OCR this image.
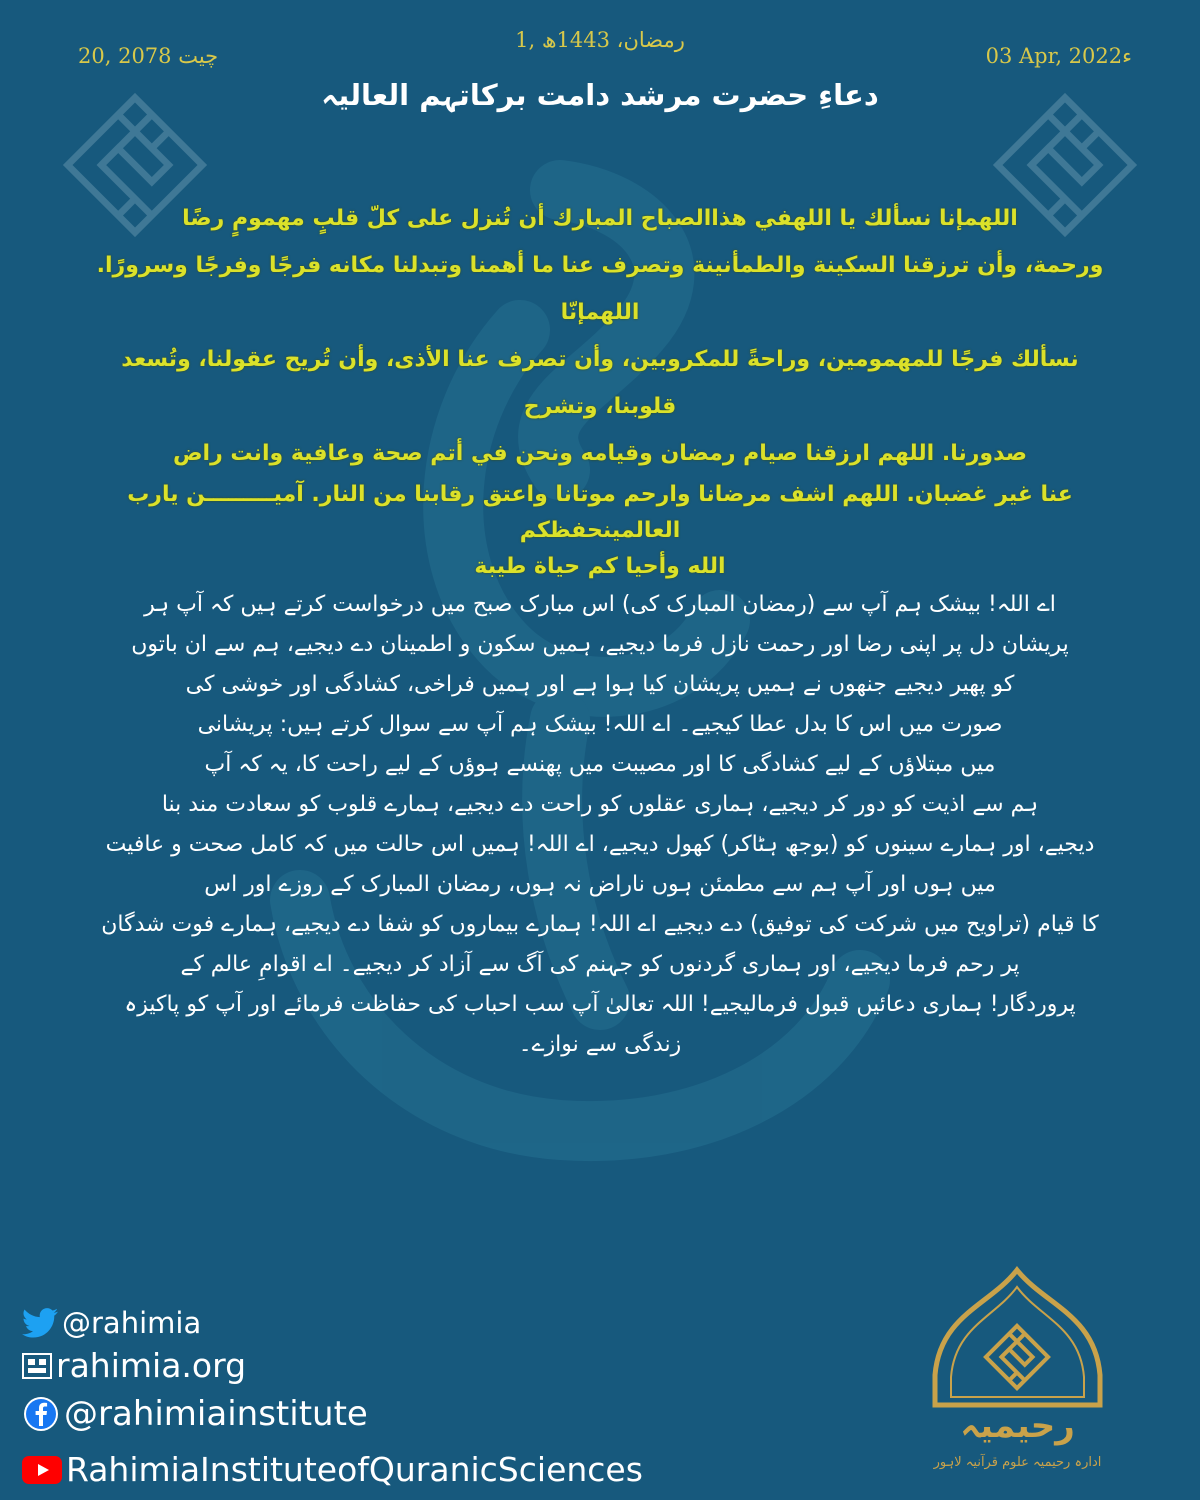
20, چیت 2078
1, رمضان، 1443ھ
03 Apr, 2022ء
دعاءِ حضرت مرشد دامت برکاتہم العالیہ
اللھمإنا نسألك يا اللهفي هذاالصباح المبارك أن تُنزل على كلّ قلبٍ مهمومٍ رضًا
ورحمة، وأن ترزقنا السكينة والطمأنينة وتصرف عنا ما أهمنا وتبدلنا مكانه فرجًا وفرجًا وسرورًا. اللهمإنّا
نسألك فرجًا للمهمومين، وراحةً للمكروبين، وأن تصرف عنا الأذى، وأن تُريح عقولنا، وتُسعد قلوبنا، وتشرح
صدورنا. اللهم ارزقنا صيام رمضان وقيامه ونحن في أتم صحة وعافية وانت راض
عنا غير غضبان. اللهم اشف مرضانا وارحم موتانا واعتق رقابنا من النار. آمیـــــــــن یارب العالمینحفظكم
الله وأحيا كم حياة طيبة
اے اللہ! بیشک ہم آپ سے (رمضان المبارک کی) اس مبارک صبح میں درخواست کرتے ہیں کہ آپ ہر
پریشان دل پر اپنی رضا اور رحمت نازل فرما دیجیے، ہمیں سکون و اطمینان دے دیجیے، ہم سے ان باتوں
کو پھیر دیجیے جنھوں نے ہمیں پریشان کیا ہوا ہے اور ہمیں فراخی، کشادگی اور خوشی کی
صورت میں اس کا بدل عطا کیجیے۔ اے اللہ! بیشک ہم آپ سے سوال کرتے ہیں: پریشانی
میں مبتلاؤں کے لیے کشادگی کا اور مصیبت میں پھنسے ہوؤں کے لیے راحت کا، یہ کہ آپ
ہم سے اذیت کو دور کر دیجیے، ہماری عقلوں کو راحت دے دیجیے، ہمارے قلوب کو سعادت مند بنا
دیجیے، اور ہمارے سینوں کو (بوجھ ہٹاکر) کھول دیجیے، اے اللہ! ہمیں اس حالت میں کہ کامل صحت و عافیت
میں ہوں اور آپ ہم سے مطمئن ہوں ناراض نہ ہوں، رمضان المبارک کے روزے اور اس
کا قیام (تراویح میں شرکت کی توفیق) دے دیجیے اے اللہ! ہمارے بیماروں کو شفا دے دیجیے، ہمارے فوت شدگان
پر رحم فرما دیجیے، اور ہماری گردنوں کو جہنم کی آگ سے آزاد کر دیجیے۔ اے اقوامِ عالم کے
پروردگار! ہماری دعائیں قبول فرمالیجیے! اللہ تعالیٰ آپ سب احباب کی حفاظت فرمائے اور آپ کو پاکیزہ
زندگی سے نوازے۔
@rahimia
rahimia.org
@rahimiainstitute
RahimiaInstituteofQuranicSciences
رحیمیہ
ادارہ رحیمیہ علوم قرآنیہ لاہور
